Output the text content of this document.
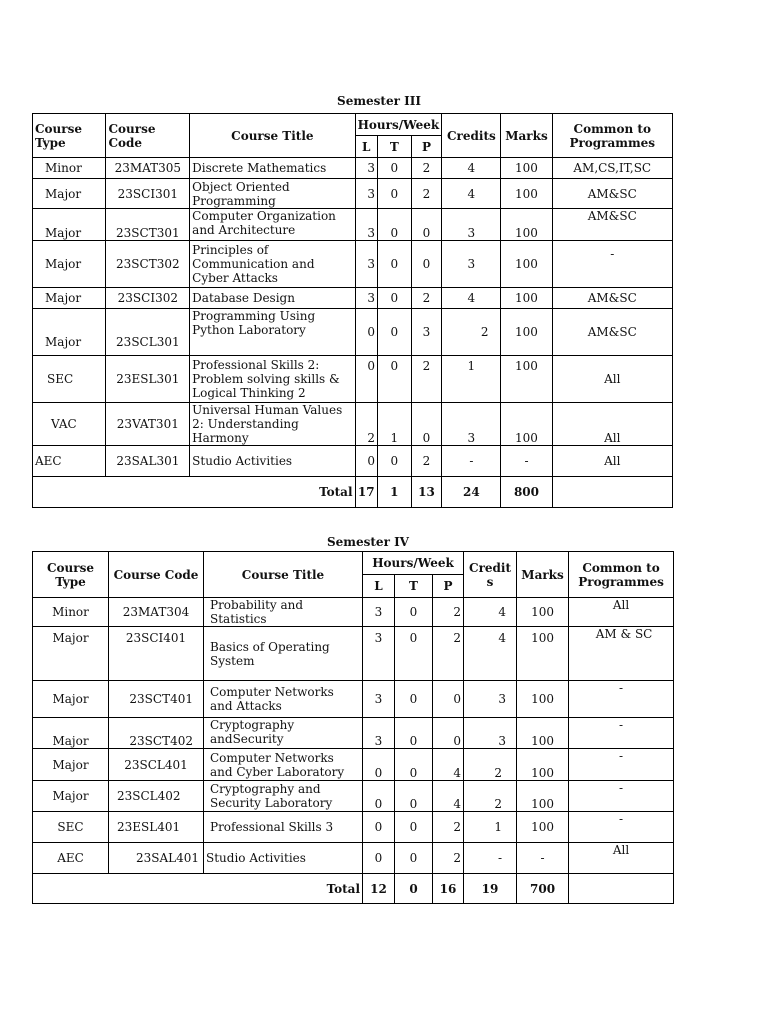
Semester III
Course Type	Course Code	Course Title	Hours/Week			Credits	Marks	Common to Programmes
			L	T	P			
Minor	23MAT305	Discrete Mathematics	3	0	2	4	100	AM,CS,IT,SC
Major	23SCI301	Object Oriented Programming	3	0	2	4	100	AM&SC
Major	23SCT301	Computer Organization and Architecture	3	0	0	3	100	AM&SC
Major	23SCT302	Principles of Communication and Cyber Attacks	3	0	0	3	100	-
Major	23SCI302	Database Design	3	0	2	4	100	AM&SC
Major	23SCL301	Programming Using Python Laboratory	0	0	3	2	100	AM&SC
SEC	23ESL301	Professional Skills 2: Problem solving skills & Logical Thinking 2	0	0	2	1	100	All
VAC	23VAT301	Universal Human Values 2: Understanding Harmony	2	1	0	3	100	All
AEC	23SAL301	Studio Activities	0	0	2	-	-	All
Total			17	1	13	24	800	
Semester IV
Course Type	Course Code	Course Title	Hours/Week			Credit s	Marks	Common to Programmes
			L	T	P			
Minor	23MAT304	Probability and Statistics	3	0	2	4	100	All
Major	23SCI401	Basics of Operating System	3	0	2	4	100	AM & SC
Major	23SCT401	Computer Networks and Attacks	3	0	0	3	100	-
Major	23SCT402	Cryptography andSecurity	3	0	0	3	100	-
Major	23SCL401	Computer Networks and Cyber Laboratory	0	0	4	2	100	-
Major	23SCL402	Cryptography and Security Laboratory	0	0	4	2	100	-
SEC	23ESL401	Professional Skills 3	0	0	2	1	100	-
AEC	23SAL401	Studio Activities	0	0	2	-	-	All
Total			12	0	16	19	700	
